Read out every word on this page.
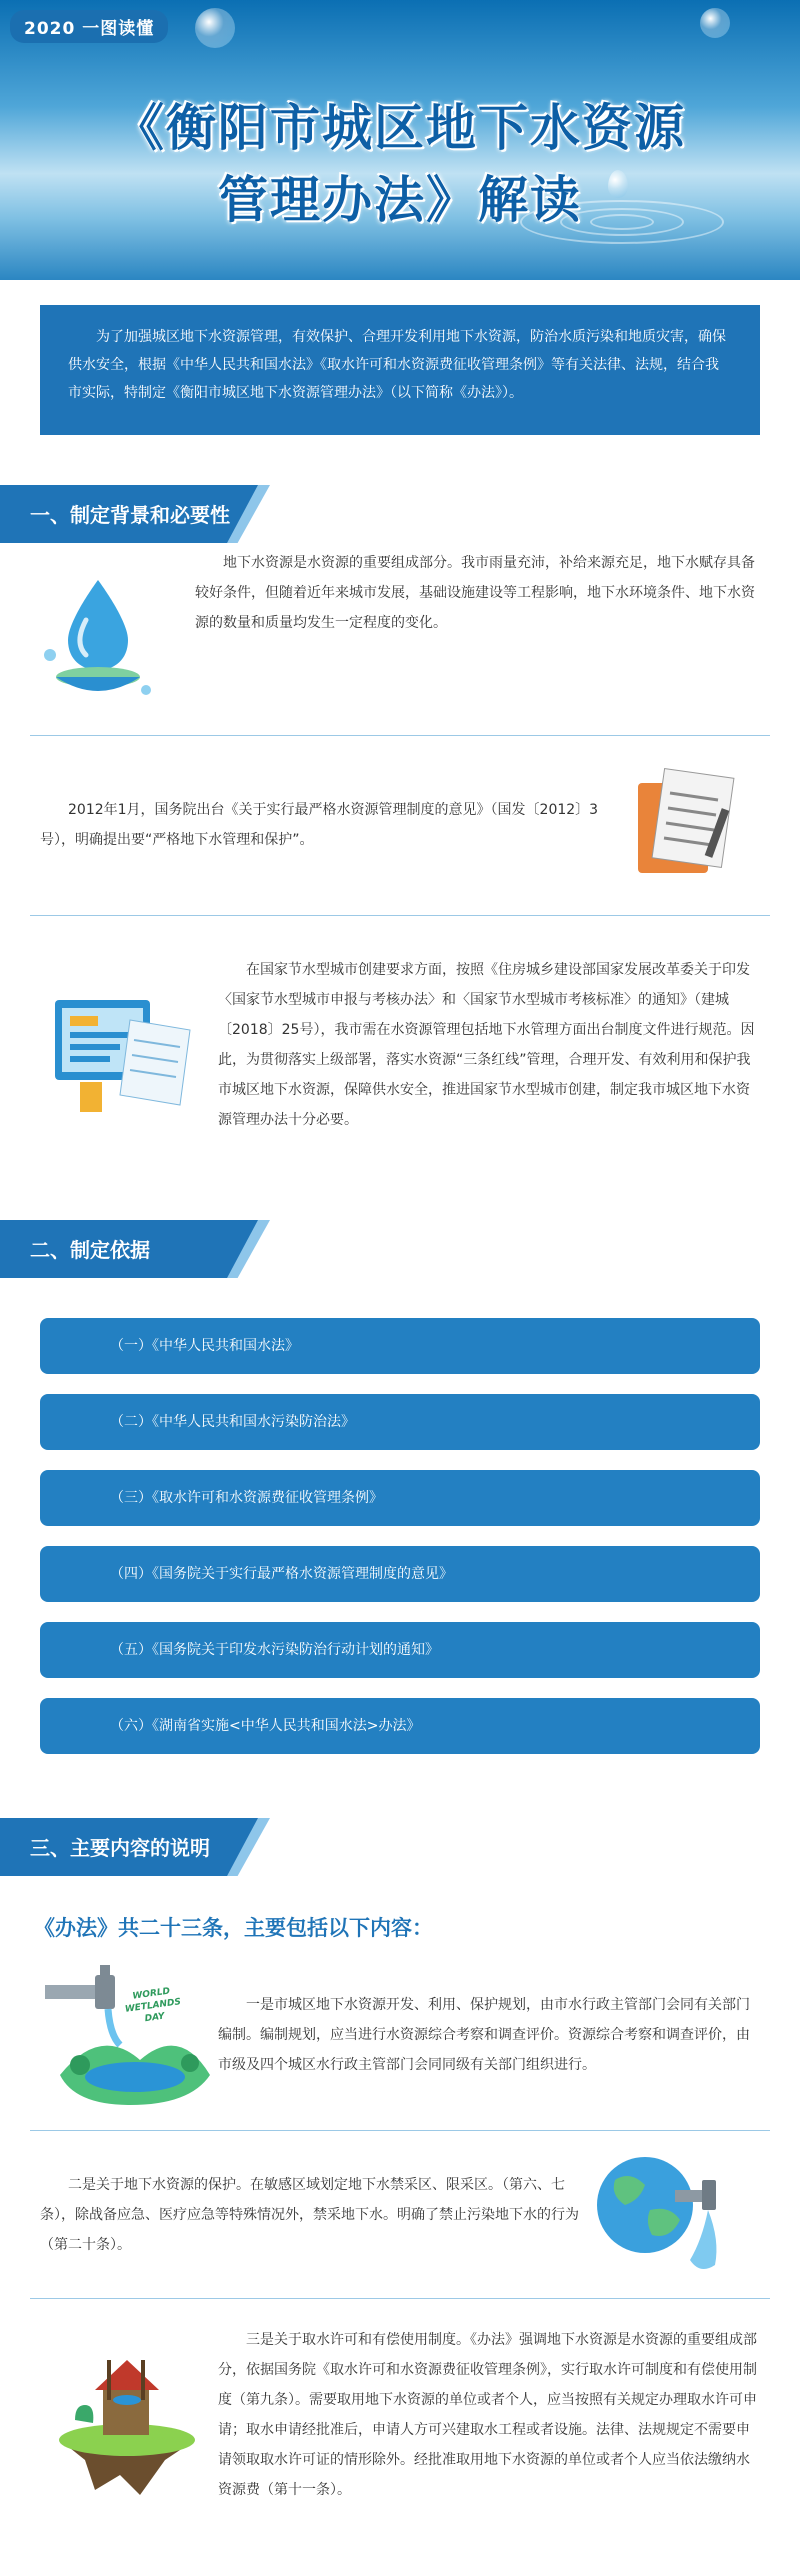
2020 一图读懂
《衡阳市城区地下水资源
管理办法》解读
为了加强城区地下水资源管理，有效保护、合理开发利用地下水资源，防治水质污染和地质灾害，确保供水安全，根据《中华人民共和国水法》《取水许可和水资源费征收管理条例》等有关法律、法规，结合我市实际，特制定《衡阳市城区地下水资源管理办法》（以下简称《办法》）。
一、制定背景和必要性
地下水资源是水资源的重要组成部分。我市雨量充沛，补给来源充足，地下水赋存具备较好条件，但随着近年来城市发展，基础设施建设等工程影响，地下水环境条件、地下水资源的数量和质量均发生一定程度的变化。
2012年1月，国务院出台《关于实行最严格水资源管理制度的意见》（国发〔2012〕3号），明确提出要“严格地下水管理和保护”。
在国家节水型城市创建要求方面，按照《住房城乡建设部国家发展改革委关于印发〈国家节水型城市申报与考核办法〉和〈国家节水型城市考核标准〉的通知》（建城〔2018〕25号），我市需在水资源管理包括地下水管理方面出台制度文件进行规范。因此，为贯彻落实上级部署，落实水资源“三条红线”管理，合理开发、有效利用和保护我市城区地下水资源，保障供水安全，推进国家节水型城市创建，制定我市城区地下水资源管理办法十分必要。
二、制定依据
（一）《中华人民共和国水法》
（二）《中华人民共和国水污染防治法》
（三）《取水许可和水资源费征收管理条例》
（四）《国务院关于实行最严格水资源管理制度的意见》
（五）《国务院关于印发水污染防治行动计划的通知》
（六）《湖南省实施<中华人民共和国水法>办法》
三、主要内容的说明
《办法》共二十三条，主要包括以下内容：
WORLD WETLANDS DAY
一是市城区地下水资源开发、利用、保护规划，由市水行政主管部门会同有关部门编制。编制规划，应当进行水资源综合考察和调查评价。资源综合考察和调查评价，由市级及四个城区水行政主管部门会同同级有关部门组织进行。
二是关于地下水资源的保护。在敏感区域划定地下水禁采区、限采区。（第六、七条），除战备应急、医疗应急等特殊情况外，禁采地下水。明确了禁止污染地下水的行为（第二十条）。
三是关于取水许可和有偿使用制度。《办法》强调地下水资源是水资源的重要组成部分，依据国务院《取水许可和水资源费征收管理条例》，实行取水许可制度和有偿使用制度（第九条）。需要取用地下水资源的单位或者个人，应当按照有关规定办理取水许可申请；取水申请经批准后，申请人方可兴建取水工程或者设施。法律、法规规定不需要申请领取取水许可证的情形除外。经批准取用地下水资源的单位或者个人应当依法缴纳水资源费（第十一条）。
